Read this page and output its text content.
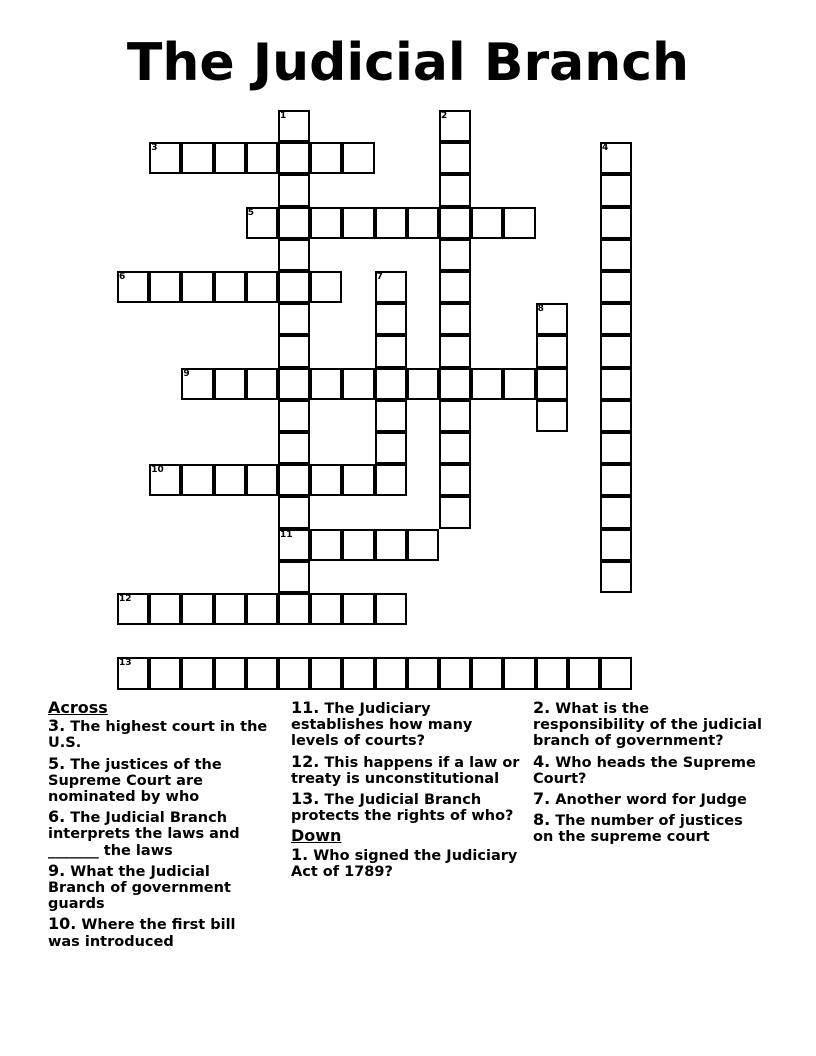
The Judicial Branch
1	2
3	4
5
6	7
8
9
10
11
12
13
Across
3. The highest court in the U.S.
5. The justices of the Supreme Court are nominated by who
6. The Judicial Branch interprets the laws and _______ the laws
9. What the Judicial Branch of government guards
10. Where the first bill was introduced
11. The Judiciary establishes how many levels of courts?
12. This happens if a law or treaty is unconstitutional
13. The Judicial Branch protects the rights of who?
Down
1. Who signed the Judiciary Act of 1789?
2. What is the responsibility of the judicial branch of government?
4. Who heads the Supreme Court?
7. Another word for Judge
8. The number of justices on the supreme court
